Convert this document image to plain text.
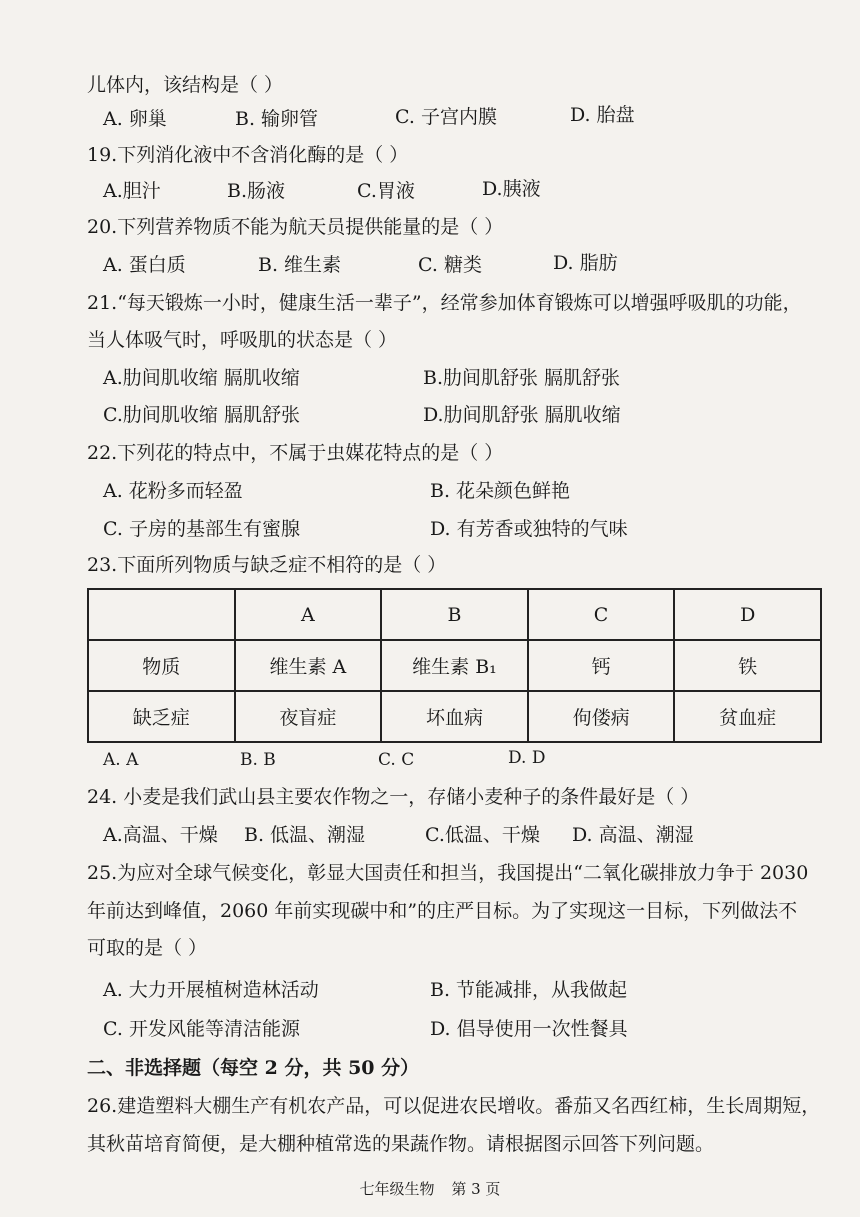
儿体内，该结构是（ ）
A. 卵巢	B. 输卵管	C. 子宫内膜	D. 胎盘
19.下列消化液中不含消化酶的是（ ）
A.胆汁	B.肠液	C.胃液	D.胰液
20.下列营养物质不能为航天员提供能量的是（ ）
A. 蛋白质	B. 维生素	C. 糖类	D. 脂肪
21.“每天锻炼一小时，健康生活一辈子”，经常参加体育锻炼可以增强呼吸肌的功能，
当人体吸气时，呼吸肌的状态是（ ）
A.肋间肌收缩 膈肌收缩	B.肋间肌舒张 膈肌舒张
C.肋间肌收缩 膈肌舒张	D.肋间肌舒张 膈肌收缩
22.下列花的特点中，不属于虫媒花特点的是（ ）
A. 花粉多而轻盈	B. 花朵颜色鲜艳
C. 子房的基部生有蜜腺	D. 有芳香或独特的气味
23.下面所列物质与缺乏症不相符的是（ ）
	A	B	C	D
物质	维生素 A	维生素 B₁	钙	铁
缺乏症	夜盲症	坏血病	佝偻病	贫血症
A. A	B. B	C. C	D. D
24. 小麦是我们武山县主要农作物之一，存储小麦种子的条件最好是（ ）
A.高温、干燥 B. 低温、潮湿	C.低温、干燥 D. 高温、潮湿
25.为应对全球气候变化，彰显大国责任和担当，我国提出“二氧化碳排放力争于 2030
年前达到峰值，2060 年前实现碳中和”的庄严目标。为了实现这一目标，下列做法不
可取的是（ ）
A. 大力开展植树造林活动	B. 节能减排，从我做起
C. 开发风能等清洁能源	D. 倡导使用一次性餐具
二、非选择题（每空 2 分，共 50 分）
26.建造塑料大棚生产有机农产品，可以促进农民增收。番茄又名西红柿，生长周期短，
其秋苗培育简便，是大棚种植常选的果蔬作物。请根据图示回答下列问题。
七年级生物 第 3 页
